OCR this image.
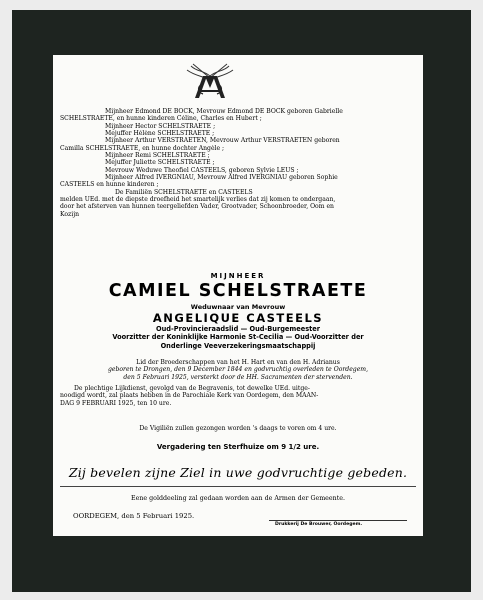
Mijnheer Edmond DE BOCK, Mevrouw Edmond DE BOCK geboren Gabrielle
SCHELSTRAETE, en hunne kinderen Céline, Charles en Hubert ;
Mijnheer Hector SCHELSTRAETE ;
Mejuffer Hélène SCHELSTRAETE ;
Mijnheer Arthur VERSTRAETEN, Mevrouw Arthur VERSTRAETEN geboren
Camilla SCHELSTRAETE, en hunne dochter Angèle ;
Mijnheer Remi SCHELSTRAETE ;
Mejuffer Juliette SCHELSTRAETE ;
Mevrouw Weduwe Theofiel CASTEELS, geboren Sylvie LEUS ;
Mijnheer Alfred IVERGNIAU, Mevrouw Alfred IVERGNIAU geboren Sophie
CASTEELS en hunne kinderen ;
De Familiën SCHELSTRAETE en CASTEELS
melden UEd. met de diepste droefheid het smartelijk verlies dat zij komen te ondergaan,
door het afsterven van hunnen teergeliefden Vader, Grootvader, Schoonbroeder, Oom en
Kozijn
MIJNHEER
CAMIEL SCHELSTRAETE
Weduwnaar van Mevrouw
ANGELIQUE CASTEELS
Oud-Provincieraadslid — Oud-Burgemeester
Voorzitter der Koninklijke Harmonie St-Cecilia — Oud-Voorzitter der
Onderlinge Veeverzekeringsmaatschappij
Lid der Broederschappen van het H. Hart en van den H. Adrianus
geboren te Drongen, den 9 December 1844 en godvruchtig overleden te Oordegem,
den 5 Februari 1925, versterkt door de HH. Sacramenten der stervenden.
De plechtige Lijkdienst, gevolgd van de Begravenis, tot dewelke UEd. uitge-
noodigd wordt, zal plaats hebben in de Parochiale Kerk van Oordegem, den MAAN-
DAG 9 FEBRUARI 1925, ten 10 ure.
De Vigiliën zullen gezongen worden 's daags te voren om 4 ure.
Vergadering ten Sterfhuize om 9 1/2 ure.
Zij bevelen zijne Ziel in uwe godvruchtige gebeden.
Eene golddeeling zal gedaan worden aan de Armen der Gemeente.
OORDEGEM, den 5 Februari 1925.
Drukkerij De Brouwer, Oordegem.
